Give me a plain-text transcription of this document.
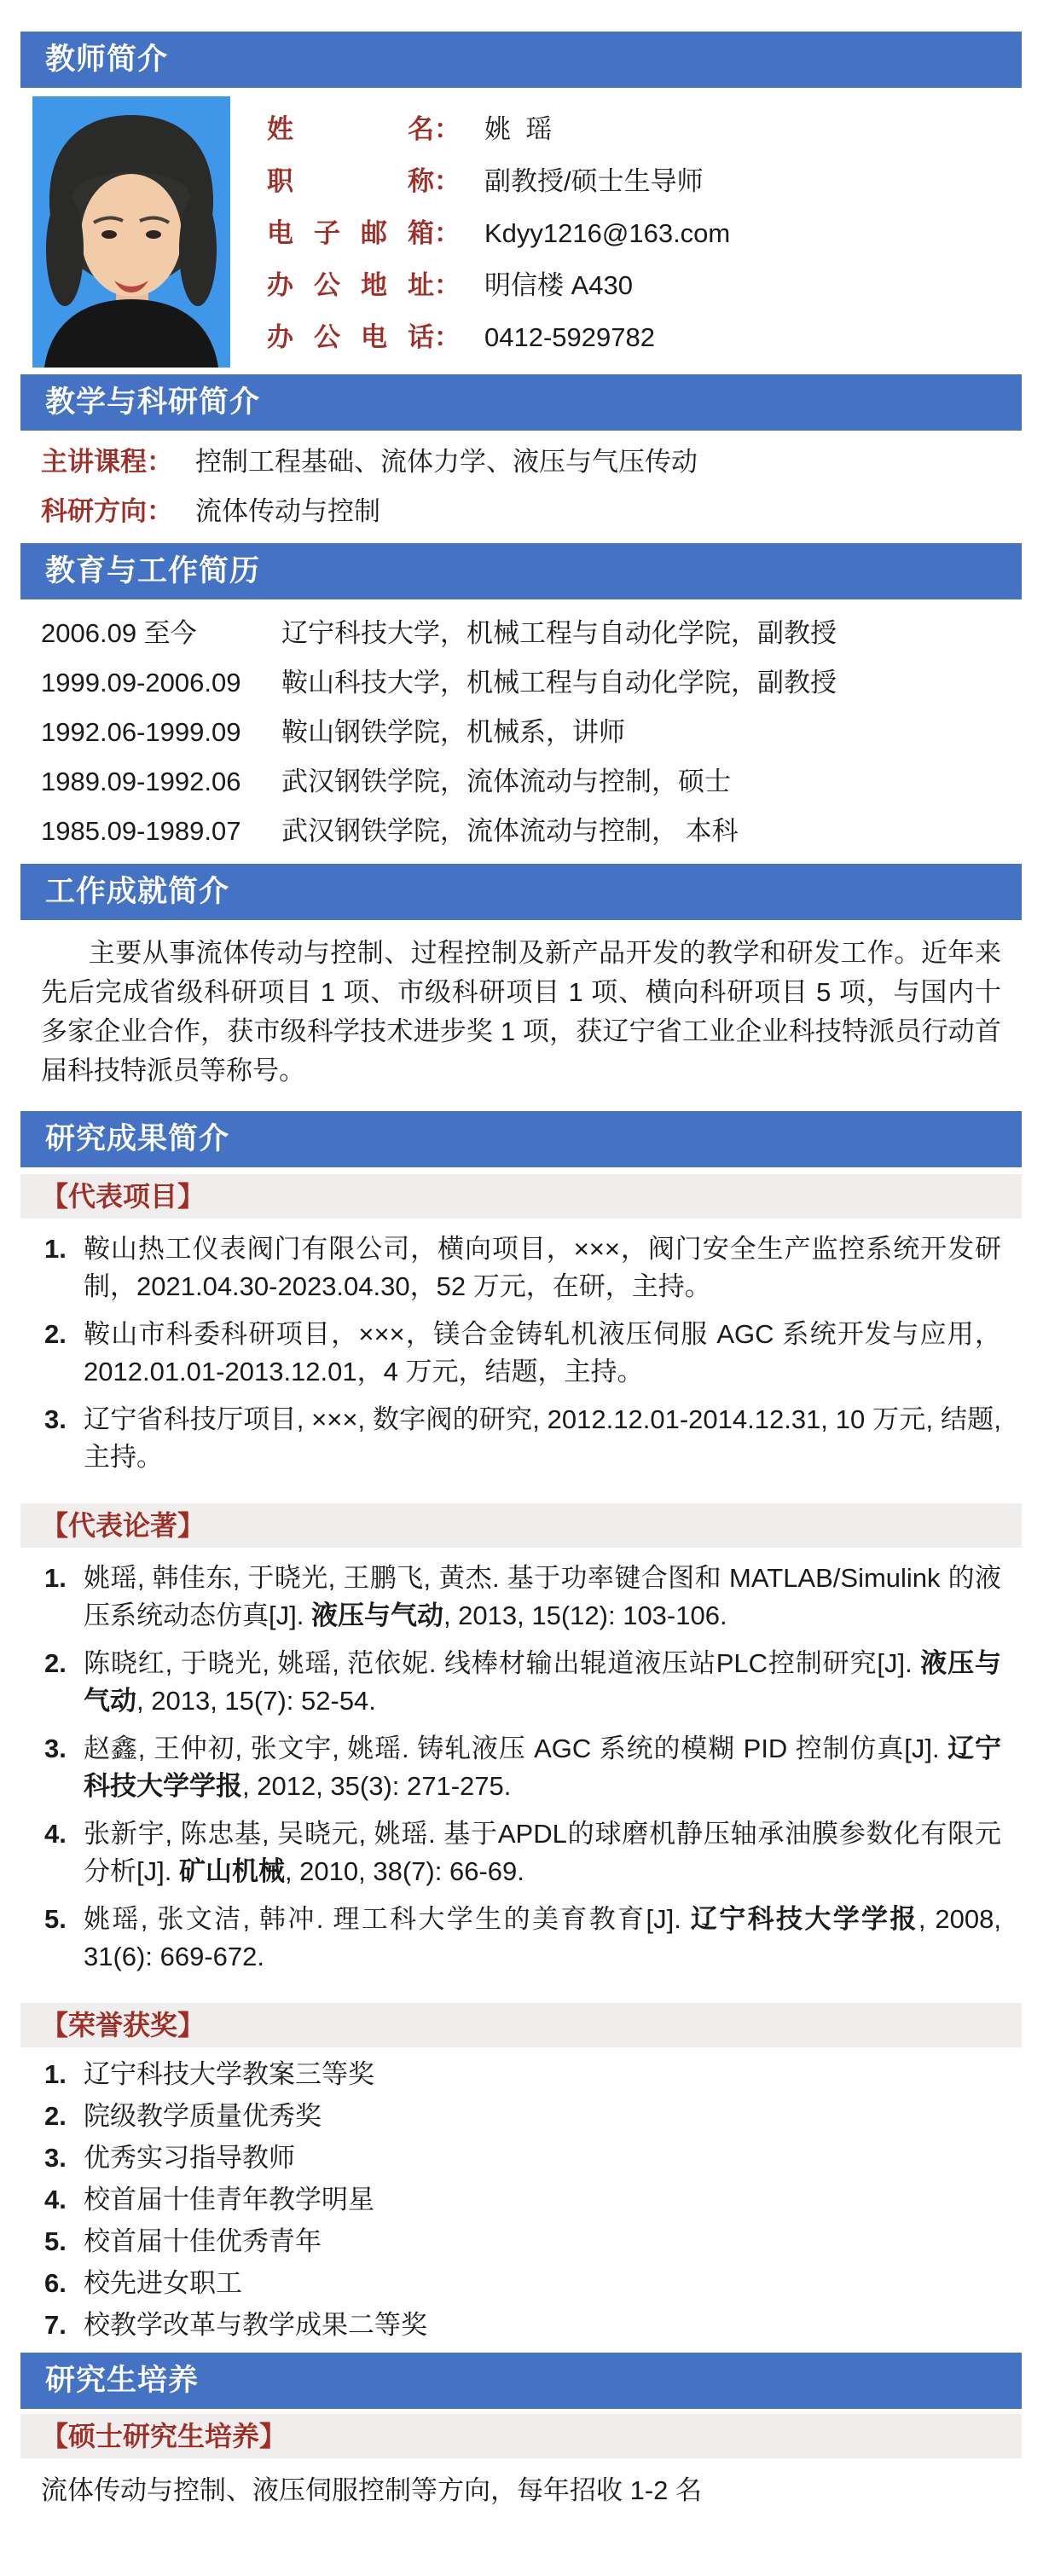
教师简介
姓 名 ： 姚  瑶
职 称 ： 副教授/硕士生导师
电 子 邮 箱 ： Kdyy1216@163.com
办 公 地 址 ： 明信楼 A430
办 公 电 话 ： 0412-5929782
教学与科研简介
主讲课程： 控制工程基础、流体力学、液压与气压传动
科研方向： 流体传动与控制
教育与工作简历
2006.09 至今	辽宁科技大学，机械工程与自动化学院，副教授
1999.09-2006.09	鞍山科技大学，机械工程与自动化学院，副教授
1992.06-1999.09	鞍山钢铁学院，机械系，讲师
1989.09-1992.06	武汉钢铁学院，流体流动与控制，硕士
1985.09-1989.07	武汉钢铁学院，流体流动与控制， 本科
工作成就简介

主要从事流体传动与控制、过程控制及新产品开发的教学和研发工作。近年来先后完成省级科研项目 1 项、市级科研项目 1 项、横向科研项目 5 项，与国内十多家企业合作，获市级科学技术进步奖 1 项，获辽宁省工业企业科技特派员行动首届科技特派员等称号。

研究成果简介
【代表项目】
鞍山热工仪表阀门有限公司，横向项目，×××，阀门安全生产监控系统开发研制，2021.04.30-2023.04.30，52 万元，在研，主持。
鞍山市科委科研项目，×××，镁合金铸轧机液压伺服 AGC 系统开发与应用，2012.01.01-2013.12.01，4 万元，结题，主持。
辽宁省科技厅项目, ×××, 数字阀的研究, 2012.12.01-2014.12.31, 10 万元, 结题, 主持。
【代表论著】
姚瑶, 韩佳东, 于晓光, 王鹏飞, 黄杰. 基于功率键合图和 MATLAB/Simulink 的液压系统动态仿真[J]. 液压与气动, 2013, 15(12): 103-106.
陈晓红, 于晓光, 姚瑶, 范依妮. 线棒材输出辊道液压站PLC控制研究[J]. 液压与气动, 2013, 15(7): 52-54.
赵鑫, 王仲初, 张文宇, 姚瑶. 铸轧液压 AGC 系统的模糊 PID 控制仿真[J]. 辽宁科技大学学报, 2012, 35(3): 271-275.
张新宇, 陈忠基, 吴晓元, 姚瑶. 基于APDL的球磨机静压轴承油膜参数化有限元分析[J]. 矿山机械, 2010, 38(7): 66-69.
姚瑶, 张文洁, 韩冲. 理工科大学生的美育教育[J]. 辽宁科技大学学报, 2008, 31(6): 669-672.
【荣誉获奖】
辽宁科技大学教案三等奖
院级教学质量优秀奖
优秀实习指导教师
校首届十佳青年教学明星
校首届十佳优秀青年
校先进女职工
校教学改革与教学成果二等奖
研究生培养
【硕士研究生培养】

流体传动与控制、液压伺服控制等方向，每年招收 1-2 名
